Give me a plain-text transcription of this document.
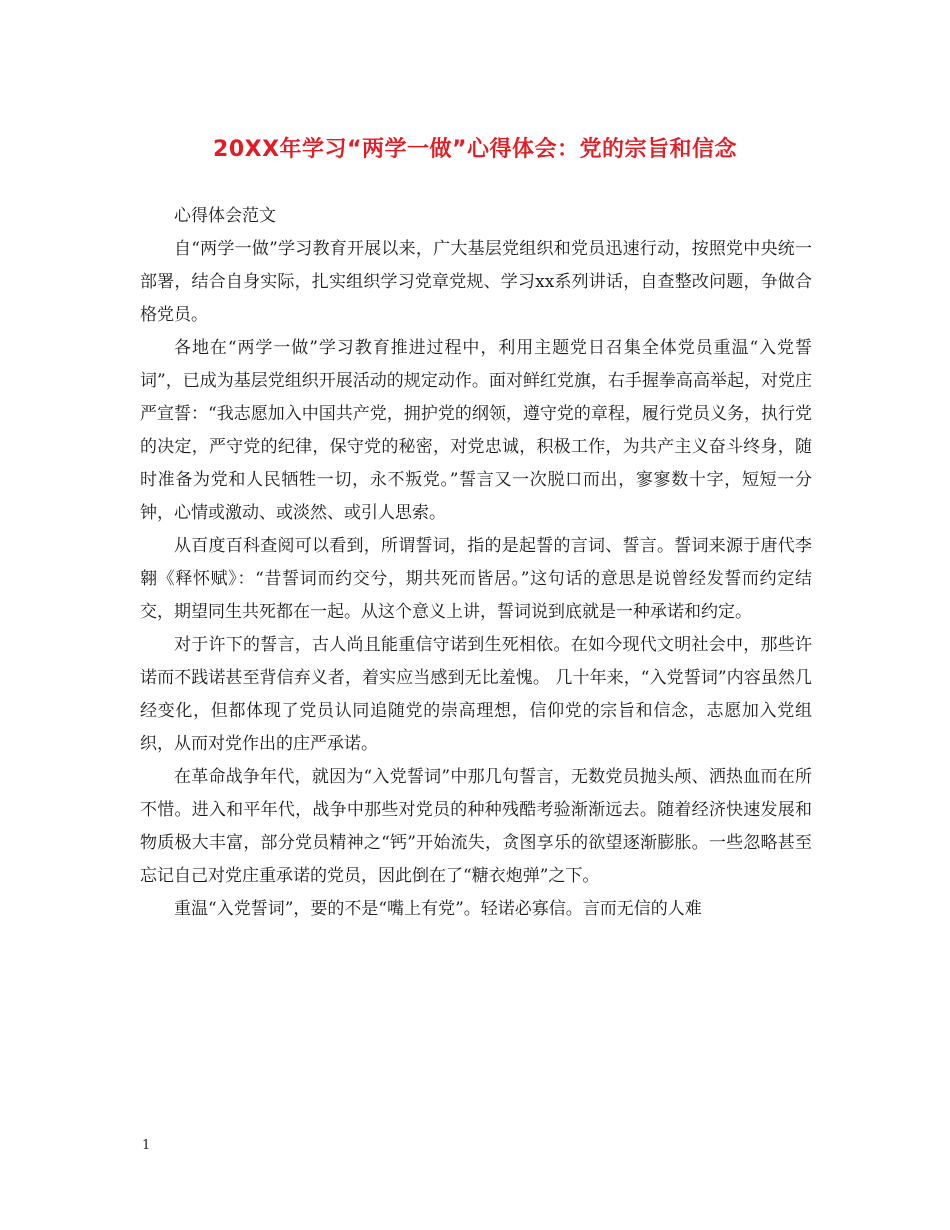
20XX年学习“两学一做”心得体会：党的宗旨和信念

心得体会范文

自“两学一做”学习教育开展以来，广大基层党组织和党员迅速行动，按照党中央统一部署，结合自身实际，扎实组织学习党章党规、学习xx系列讲话，自查整改问题，争做合格党员。

各地在“两学一做”学习教育推进过程中，利用主题党日召集全体党员重温“入党誓词”，已成为基层党组织开展活动的规定动作。面对鲜红党旗，右手握拳高高举起，对党庄严宣誓：“我志愿加入中国共产党，拥护党的纲领，遵守党的章程，履行党员义务，执行党的决定，严守党的纪律，保守党的秘密，对党忠诚，积极工作，为共产主义奋斗终身，随时准备为党和人民牺牲一切，永不叛党。”誓言又一次脱口而出，寥寥数十字，短短一分钟，心情或激动、或淡然、或引人思索。

从百度百科查阅可以看到，所谓誓词，指的是起誓的言词、誓言。誓词来源于唐代李翱《释怀赋》：“昔誓词而约交兮，期共死而皆居。”这句话的意思是说曾经发誓而约定结交，期望同生共死都在一起。从这个意义上讲，誓词说到底就是一种承诺和约定。

对于许下的誓言，古人尚且能重信守诺到生死相依。在如今现代文明社会中，那些许诺而不践诺甚至背信弃义者，着实应当感到无比羞愧。 几十年来，“入党誓词”内容虽然几经变化，但都体现了党员认同追随党的崇高理想，信仰党的宗旨和信念，志愿加入党组织，从而对党作出的庄严承诺。

在革命战争年代，就因为“入党誓词”中那几句誓言，无数党员抛头颅、洒热血而在所不惜。进入和平年代，战争中那些对党员的种种残酷考验渐渐远去。随着经济快速发展和物质极大丰富，部分党员精神之“钙”开始流失，贪图享乐的欲望逐渐膨胀。一些忽略甚至忘记自己对党庄重承诺的党员，因此倒在了“糖衣炮弹”之下。

重温“入党誓词”，要的不是“嘴上有党”。轻诺必寡信。言而无信的人难

1
